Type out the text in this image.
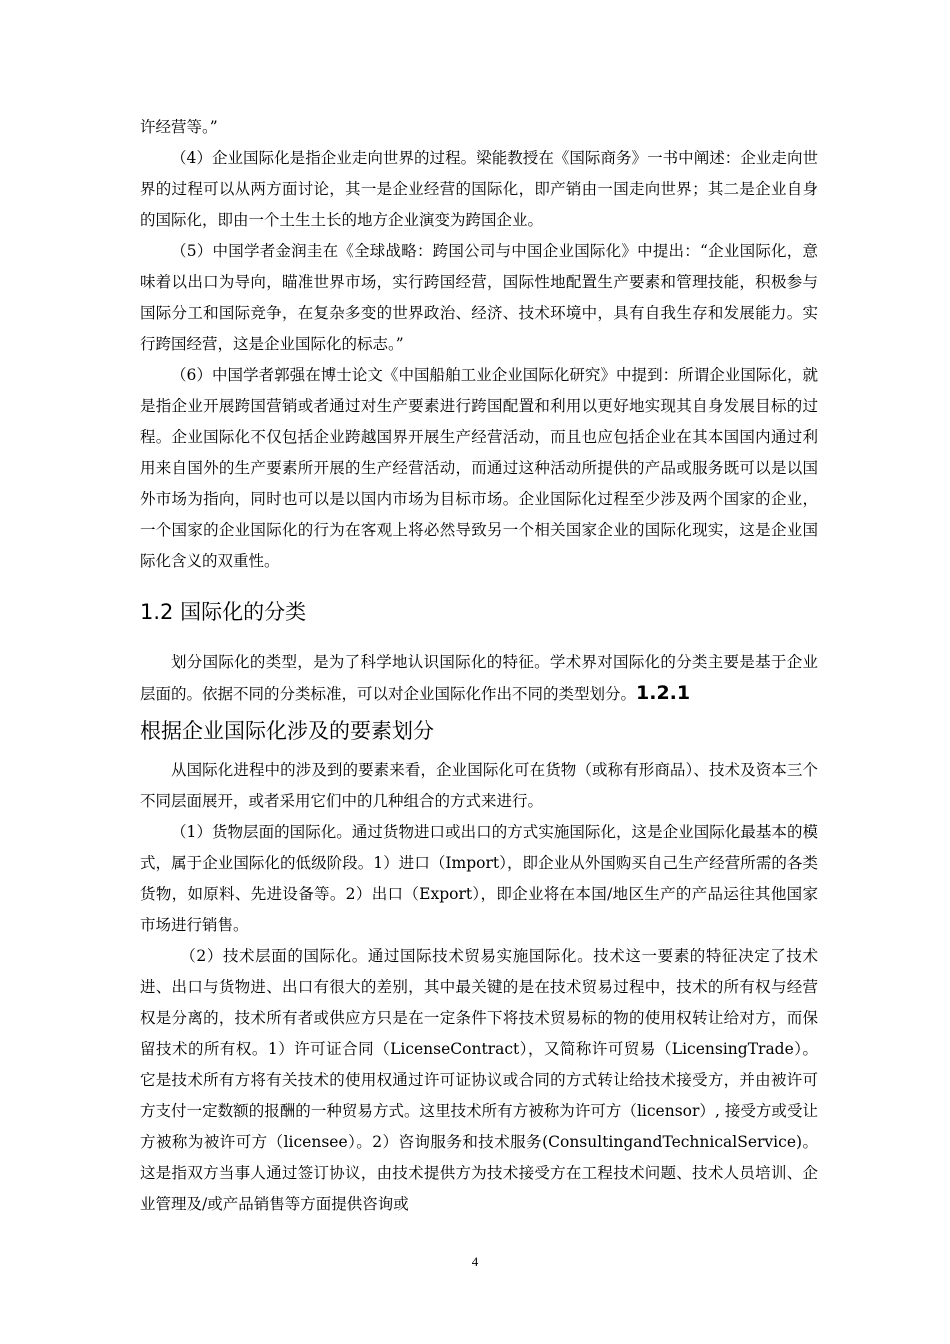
许经营等。”

（4）企业国际化是指企业走向世界的过程。梁能教授在《国际商务》一书中阐述：企业走向世界的过程可以从两方面讨论，其一是企业经营的国际化，即产销由一国走向世界；其二是企业自身的国际化，即由一个土生土长的地方企业演变为跨国企业。

（5）中国学者金润圭在《全球战略：跨国公司与中国企业国际化》中提出：“企业国际化，意味着以出口为导向，瞄准世界市场，实行跨国经营，国际性地配置生产要素和管理技能，积极参与国际分工和国际竞争，在复杂多变的世界政治、经济、技术环境中，具有自我生存和发展能力。实行跨国经营，这是企业国际化的标志。”

（6）中国学者郭强在博士论文《中国船舶工业企业国际化研究》中提到：所谓企业国际化，就是指企业开展跨国营销或者通过对生产要素进行跨国配置和利用以更好地实现其自身发展目标的过程。企业国际化不仅包括企业跨越国界开展生产经营活动，而且也应包括企业在其本国国内通过利用来自国外的生产要素所开展的生产经营活动，而通过这种活动所提供的产品或服务既可以是以国外市场为指向，同时也可以是以国内市场为目标市场。企业国际化过程至少涉及两个国家的企业，一个国家的企业国际化的行为在客观上将必然导致另一个相关国家企业的国际化现实，这是企业国际化含义的双重性。

1.2 国际化的分类

划分国际化的类型，是为了科学地认识国际化的特征。学术界对国际化的分类主要是基于企业层面的。依据不同的分类标准，可以对企业国际化作出不同的类型划分。1.2.1

根据企业国际化涉及的要素划分

从国际化进程中的涉及到的要素来看，企业国际化可在货物（或称有形商品）、技术及资本三个不同层面展开，或者采用它们中的几种组合的方式来进行。

（1）货物层面的国际化。通过货物进口或出口的方式实施国际化，这是企业国际化最基本的模式，属于企业国际化的低级阶段。1）进口（Import），即企业从外国购买自己生产经营所需的各类货物，如原料、先进设备等。2）出口（Export），即企业将在本国/地区生产的产品运往其他国家市场进行销售。

（2）技术层面的国际化。通过国际技术贸易实施国际化。技术这一要素的特征决定了技术进、出口与货物进、出口有很大的差别，其中最关键的是在技术贸易过程中，技术的所有权与经营权是分离的，技术所有者或供应方只是在一定条件下将技术贸易标的物的使用权转让给对方，而保留技术的所有权。1）许可证合同（LicenseContract），又简称许可贸易（LicensingTrade）。它是技术所有方将有关技术的使用权通过许可证协议或合同的方式转让给技术接受方，并由被许可方支付一定数额的报酬的一种贸易方式。这里技术所有方被称为许可方（licensor）, 接受方或受让方被称为被许可方（licensee）。2）咨询服务和技术服务(ConsultingandTechnicalService)。这是指双方当事人通过签订协议，由技术提供方为技术接受方在工程技术问题、技术人员培训、企业管理及/或产品销售等方面提供咨询或

4
